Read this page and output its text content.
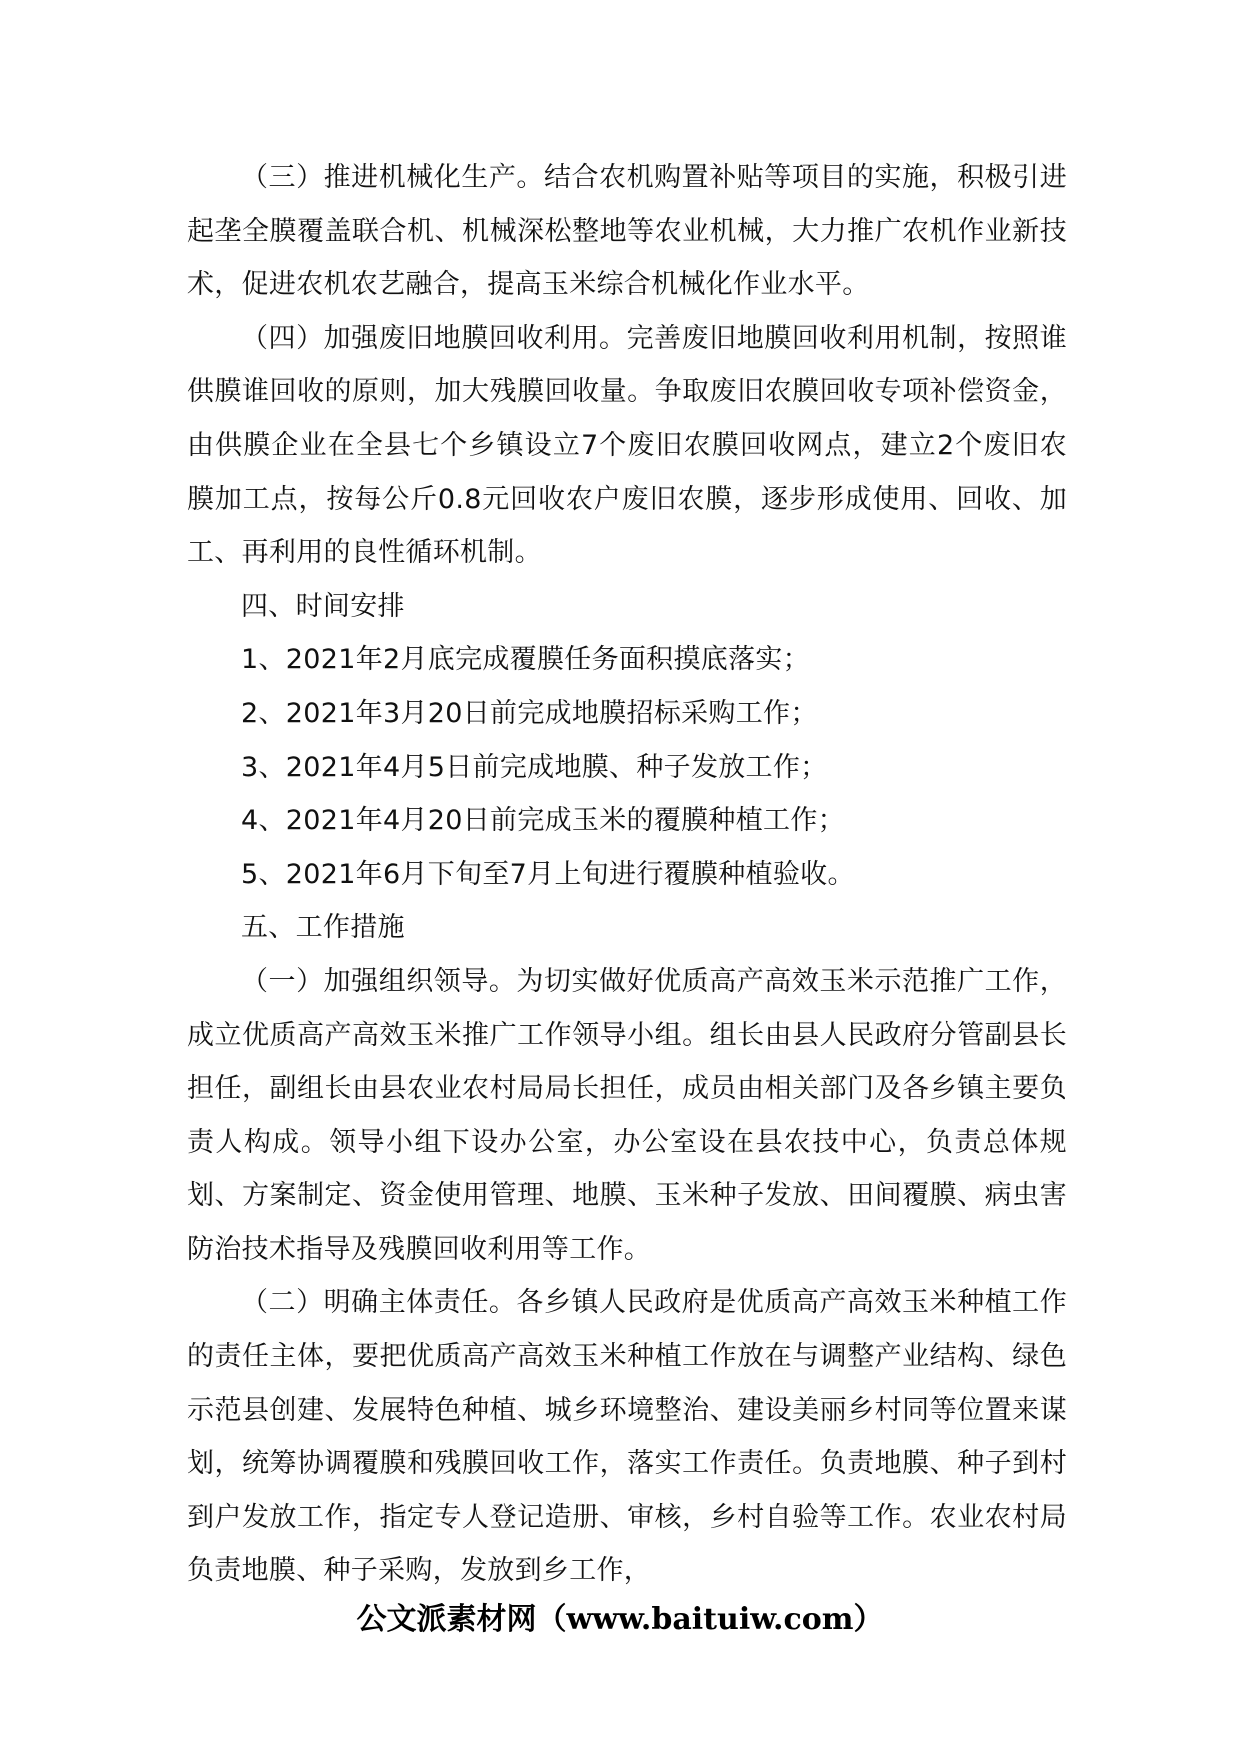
（三）推进机械化生产。结合农机购置补贴等项目的实施，积极引进起垄全膜覆盖联合机、机械深松整地等农业机械，大力推广农机作业新技术，促进农机农艺融合，提高玉米综合机械化作业水平。

（四）加强废旧地膜回收利用。完善废旧地膜回收利用机制，按照谁供膜谁回收的原则，加大残膜回收量。争取废旧农膜回收专项补偿资金，由供膜企业在全县七个乡镇设立7个废旧农膜回收网点，建立2个废旧农膜加工点，按每公斤0.8元回收农户废旧农膜，逐步形成使用、回收、加工、再利用的良性循环机制。

四、时间安排

1、2021年2月底完成覆膜任务面积摸底落实；

2、2021年3月20日前完成地膜招标采购工作；

3、2021年4月5日前完成地膜、种子发放工作；

4、2021年4月20日前完成玉米的覆膜种植工作；

5、2021年6月下旬至7月上旬进行覆膜种植验收。

五、工作措施

（一）加强组织领导。为切实做好优质高产高效玉米示范推广工作，成立优质高产高效玉米推广工作领导小组。组长由县人民政府分管副县长担任，副组长由县农业农村局局长担任，成员由相关部门及各乡镇主要负责人构成。领导小组下设办公室，办公室设在县农技中心，负责总体规划、方案制定、资金使用管理、地膜、玉米种子发放、田间覆膜、病虫害防治技术指导及残膜回收利用等工作。

（二）明确主体责任。各乡镇人民政府是优质高产高效玉米种植工作的责任主体，要把优质高产高效玉米种植工作放在与调整产业结构、绿色示范县创建、发展特色种植、城乡环境整治、建设美丽乡村同等位置来谋划，统筹协调覆膜和残膜回收工作，落实工作责任。负责地膜、种子到村到户发放工作，指定专人登记造册、审核，乡村自验等工作。农业农村局负责地膜、种子采购，发放到乡工作，

公文派素材网（www.baituiw.com）
